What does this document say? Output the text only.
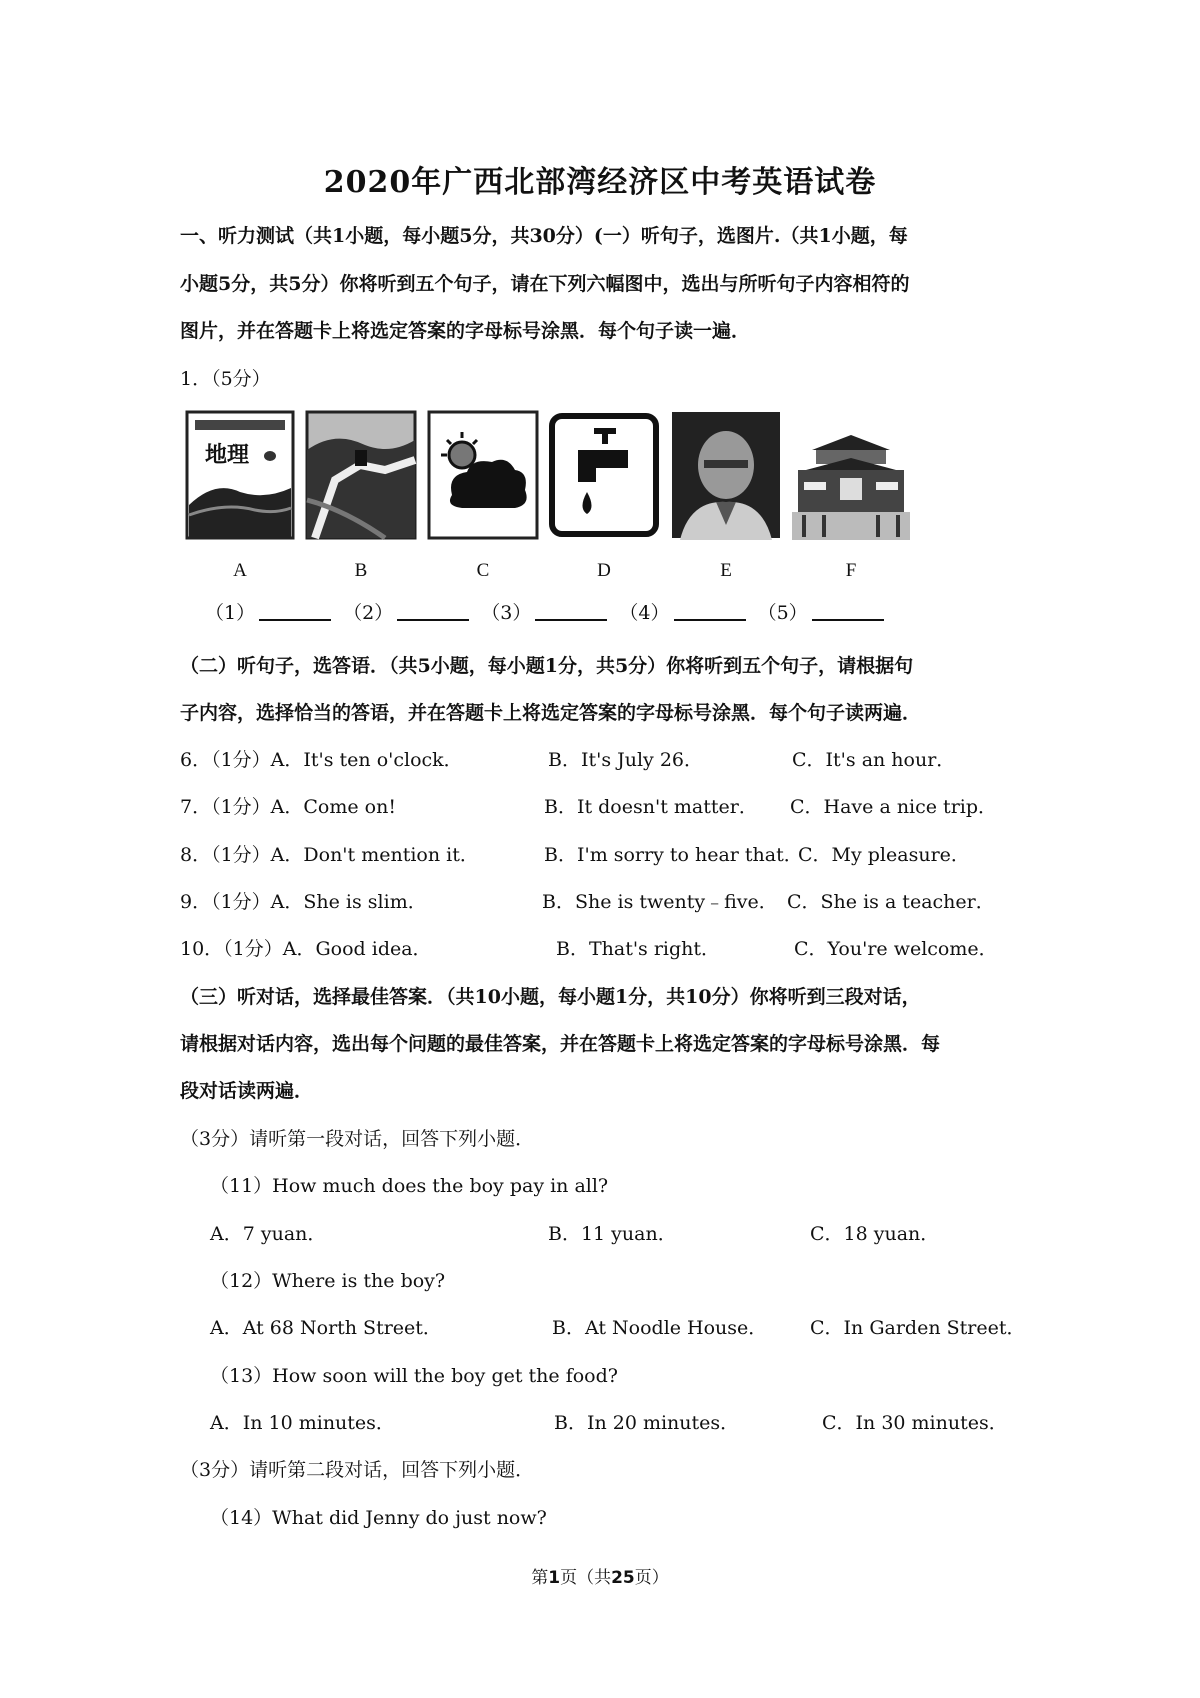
2020年广西北部湾经济区中考英语试卷
一、听力测试（共1小题，每小题5分，共30分）(一）听句子，选图片.（共1小题，每
小题5分，共5分）你将听到五个句子，请在下列六幅图中，选出与所听句子内容相符的
图片，并在答题卡上将选定答案的字母标号涂黑．每个句子读一遍．
1．（5分）
地理
A	B	C	D	E	F
（1）	（2）	（3）	（4）	（5）
（二）听句子，选答语．（共5小题，每小题1分，共5分）你将听到五个句子，请根据句
子内容，选择恰当的答语，并在答题卡上将选定答案的字母标号涂黑．每个句子读两遍．
6．（1分）A．It's ten o'clock．	B．It's July 26．	C．It's an hour．
7．（1分）A．Come on!	B．It doesn't matter． C．Have a nice trip．
8．（1分）A．Don't mention it．	B．I'm sorry to hear that．
C．My pleasure．
9．（1分）A．She is slim．	B．She is twenty﹣five． C．She is a teacher．
10．（1分）A．Good idea．	B．That's right．	C．You're welcome．
（三）听对话，选择最佳答案．（共10小题，每小题1分，共10分）你将听到三段对话，
请根据对话内容，选出每个问题的最佳答案，并在答题卡上将选定答案的字母标号涂黑．每
段对话读两遍．
（3分）请听第一段对话，回答下列小题．
（11）How much does the boy pay in all?
A．7 yuan．	B．11 yuan．	C．18 yuan．
（12）Where is the boy?
A．At 68 North Street．	B．At Noodle House． C．In Garden Street．
（13）How soon will the boy get the food?
A．In 10 minutes．	B．In 20 minutes．	C．In 30 minutes．
（3分）请听第二段对话，回答下列小题．
（14）What did Jenny do just now?
第1页（共25页）
